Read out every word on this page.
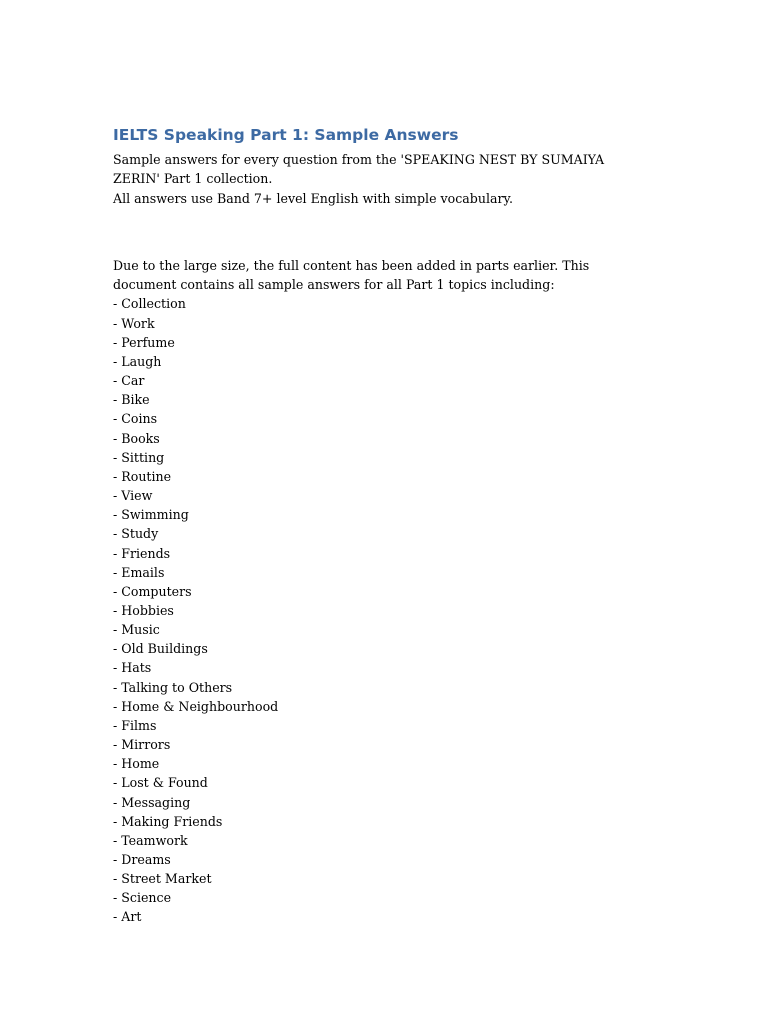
IELTS Speaking Part 1: Sample Answers

Sample answers for every question from the 'SPEAKING NEST BY SUMAIYA ZERIN' Part 1 collection.

All answers use Band 7+ level English with simple vocabulary.

Due to the large size, the full content has been added in parts earlier. This document contains all sample answers for all Part 1 topics including:

- Collection
- Work
- Perfume
- Laugh
- Car
- Bike
- Coins
- Books
- Sitting
- Routine
- View
- Swimming
- Study
- Friends
- Emails
- Computers
- Hobbies
- Music
- Old Buildings
- Hats
- Talking to Others
- Home & Neighbourhood
- Films
- Mirrors
- Home
- Lost & Found
- Messaging
- Making Friends
- Teamwork
- Dreams
- Street Market
- Science
- Art
